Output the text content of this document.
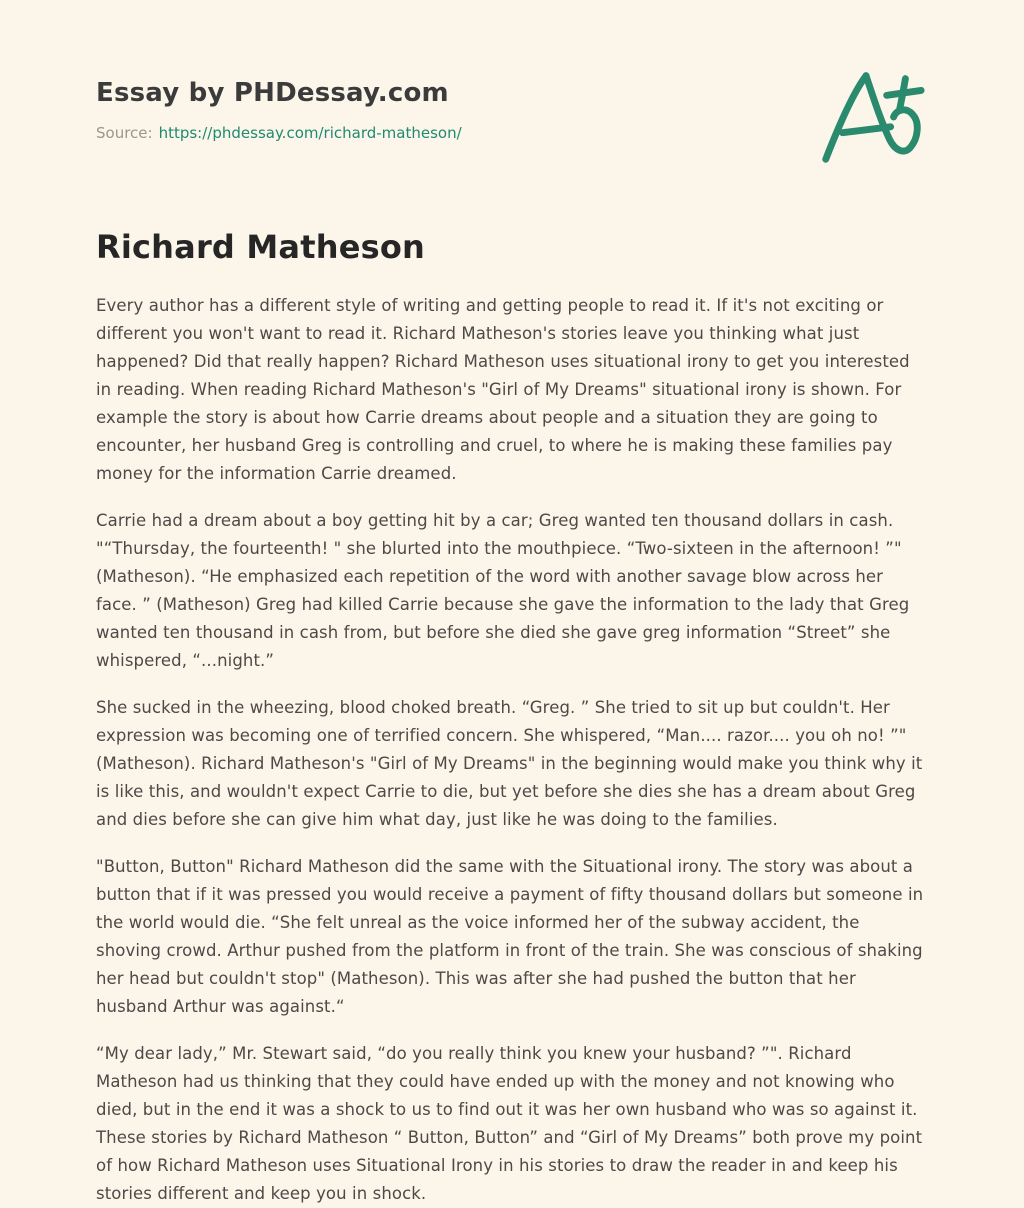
Essay by PHDessay.com
Source: https://phdessay.com/richard-matheson/
Richard Matheson

Every author has a different style of writing and getting people to read it. If it's not exciting or different you won't want to read it. Richard Matheson's stories leave you thinking what just happened? Did that really happen? Richard Matheson uses situational irony to get you interested in reading. When reading Richard Matheson's "Girl of My Dreams" situational irony is shown. For example the story is about how Carrie dreams about people and a situation they are going to encounter, her husband Greg is controlling and cruel, to where he is making these families pay money for the information Carrie dreamed.

Carrie had a dream about a boy getting hit by a car; Greg wanted ten thousand dollars in cash. "“Thursday, the fourteenth! " she blurted into the mouthpiece. “Two-sixteen in the afternoon! ”" (Matheson). “He emphasized each repetition of the word with another savage blow across her face. ” (Matheson) Greg had killed Carrie because she gave the information to the lady that Greg wanted ten thousand in cash from, but before she died she gave greg information “Street” she whispered, “...night.”

She sucked in the wheezing, blood choked breath. “Greg. ” She tried to sit up but couldn't. Her expression was becoming one of terrified concern. She whispered, “Man.... razor.... you oh no! ”" (Matheson). Richard Matheson's "Girl of My Dreams" in the beginning would make you think why it is like this, and wouldn't expect Carrie to die, but yet before she dies she has a dream about Greg and dies before she can give him what day, just like he was doing to the families.

"Button, Button" Richard Matheson did the same with the Situational irony. The story was about a button that if it was pressed you would receive a payment of fifty thousand dollars but someone in the world would die. “She felt unreal as the voice informed her of the subway accident, the shoving crowd. Arthur pushed from the platform in front of the train. She was conscious of shaking her head but couldn't stop" (Matheson). This was after she had pushed the button that her husband Arthur was against.“

“My dear lady,” Mr. Stewart said, “do you really think you knew your husband? ”". Richard Matheson had us thinking that they could have ended up with the money and not knowing who died, but in the end it was a shock to us to find out it was her own husband who was so against it. These stories by Richard Matheson “ Button, Button” and “Girl of My Dreams” both prove my point of how Richard Matheson uses Situational Irony in his stories to draw the reader in and keep his stories different and keep you in shock.
